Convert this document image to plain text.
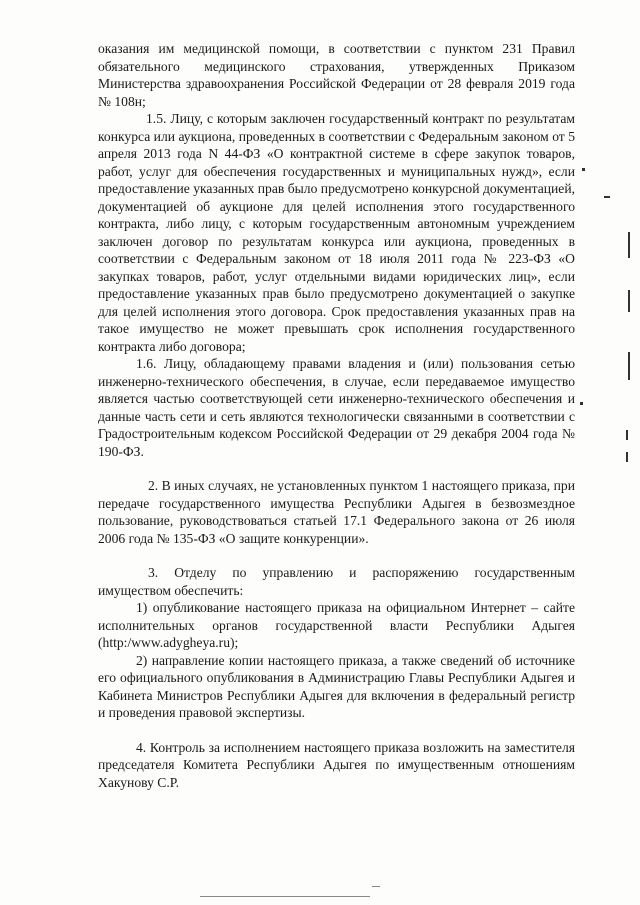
оказания им медицинской помощи, в соответствии с пунктом 231 Правил обязательного медицинского страхования, утвержденных Приказом Министерства здравоохранения Российской Федерации от 28 февраля 2019 года № 108н;

1.5. Лицу, с которым заключен государственный контракт по результатам конкурса или аукциона, проведенных в соответствии с Федеральным законом от 5 апреля 2013 года N 44-ФЗ «О контрактной системе в сфере закупок товаров, работ, услуг для обеспечения государственных и муниципальных нужд», если предоставление указанных прав было предусмотрено конкурсной документацией, документацией об аукционе для целей исполнения этого государственного контракта, либо лицу, с которым государственным автономным учреждением заключен договор по результатам конкурса или аукциона, проведенных в соответствии с Федеральным законом от 18 июля 2011 года № 223-ФЗ «О закупках товаров, работ, услуг отдельными видами юридических лиц», если предоставление указанных прав было предусмотрено документацией о закупке для целей исполнения этого договора. Срок предоставления указанных прав на такое имущество не может превышать срок исполнения государственного контракта либо договора;

1.6. Лицу, обладающему правами владения и (или) пользования сетью инженерно-технического обеспечения, в случае, если передаваемое имущество является частью соответствующей сети инженерно-технического обеспечения и данные часть сети и сеть являются технологически связанными в соответствии с Градостроительным кодексом Российской Федерации от 29 декабря 2004 года № 190-ФЗ.

2. В иных случаях, не установленных пунктом 1 настоящего приказа, при передаче государственного имущества Республики Адыгея в безвозмездное пользование, руководствоваться статьей 17.1 Федерального закона от 26 июля 2006 года № 135-ФЗ «О защите конкуренции».

3. Отделу по управлению и распоряжению государственным имуществом обеспечить:

1) опубликование настоящего приказа на официальном Интернет – сайте исполнительных органов государственной власти Республики Адыгея (http:/www.adygheya.ru);

2) направление копии настоящего приказа, а также сведений об источнике его официального опубликования в Администрацию Главы Республики Адыгея и Кабинета Министров Республики Адыгея для включения в федеральный регистр и проведения правовой экспертизы.

4. Контроль за исполнением настоящего приказа возложить на заместителя председателя Комитета Республики Адыгея по имущественным отношениям Хакунову С.Р.
